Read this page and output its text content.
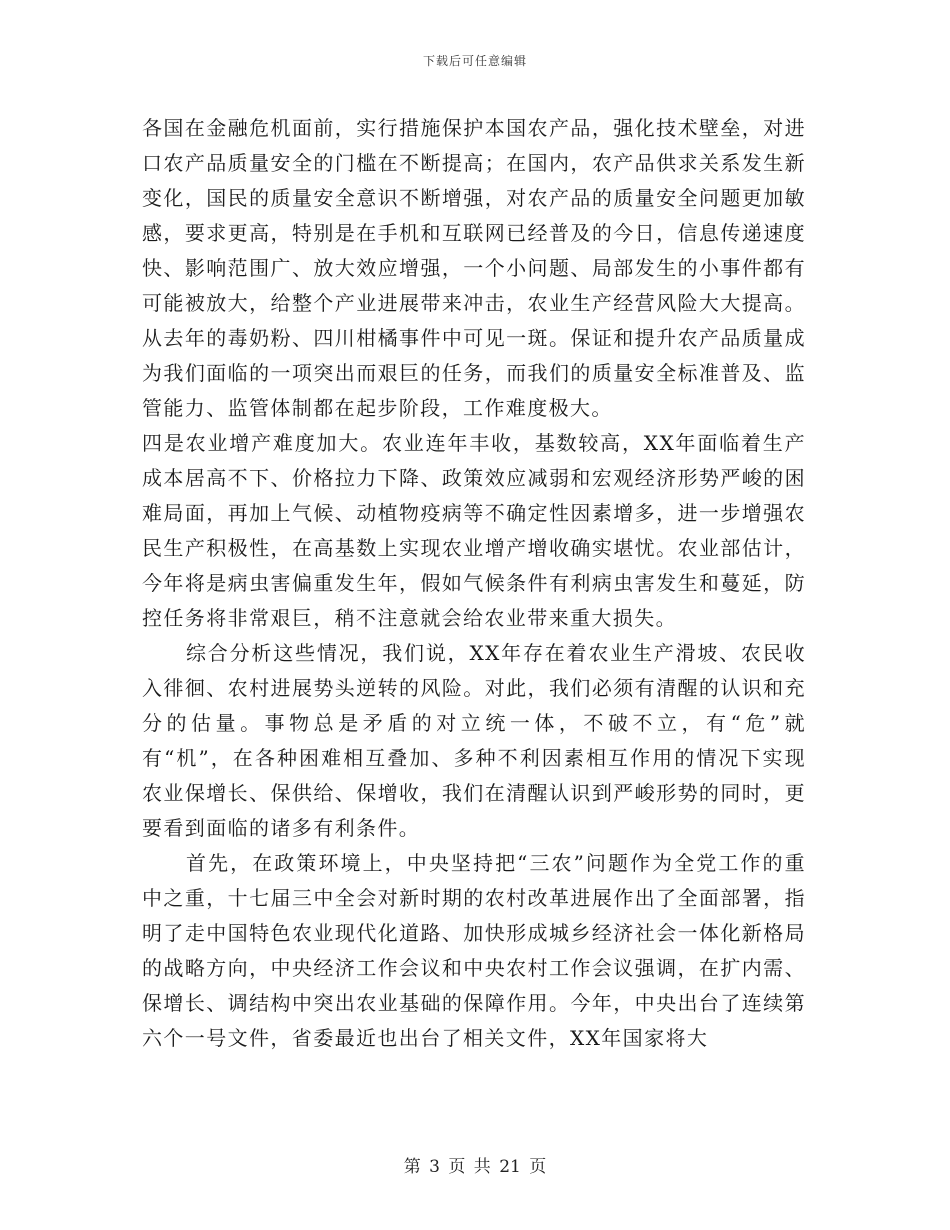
下载后可任意编辑

各国在金融危机面前，实行措施保护本国农产品，强化技术壁垒，对进口农产品质量安全的门槛在不断提高；在国内，农产品供求关系发生新变化，国民的质量安全意识不断增强，对农产品的质量安全问题更加敏感，要求更高，特别是在手机和互联网已经普及的今日，信息传递速度快、影响范围广、放大效应增强，一个小问题、局部发生的小事件都有可能被放大，给整个产业进展带来冲击，农业生产经营风险大大提高。从去年的毒奶粉、四川柑橘事件中可见一斑。保证和提升农产品质量成为我们面临的一项突出而艰巨的任务，而我们的质量安全标准普及、监管能力、监管体制都在起步阶段，工作难度极大。

四是农业增产难度加大。农业连年丰收，基数较高，XX年面临着生产成本居高不下、价格拉力下降、政策效应减弱和宏观经济形势严峻的困难局面，再加上气候、动植物疫病等不确定性因素增多，进一步增强农民生产积极性，在高基数上实现农业增产增收确实堪忧。农业部估计，今年将是病虫害偏重发生年，假如气候条件有利病虫害发生和蔓延，防控任务将非常艰巨，稍不注意就会给农业带来重大损失。

综合分析这些情况，我们说，XX年存在着农业生产滑坡、农民收入徘徊、农村进展势头逆转的风险。对此，我们必须有清醒的认识和充分的估量。事物总是矛盾的对立统一体，不破不立，有“危”就有“机”，在各种困难相互叠加、多种不利因素相互作用的情况下实现农业保增长、保供给、保增收，我们在清醒认识到严峻形势的同时，更要看到面临的诸多有利条件。

首先，在政策环境上，中央坚持把“三农”问题作为全党工作的重中之重，十七届三中全会对新时期的农村改革进展作出了全面部署，指明了走中国特色农业现代化道路、加快形成城乡经济社会一体化新格局的战略方向，中央经济工作会议和中央农村工作会议强调，在扩内需、保增长、调结构中突出农业基础的保障作用。今年，中央出台了连续第六个一号文件，省委最近也出台了相关文件，XX年国家将大

第 3 页 共 21 页
